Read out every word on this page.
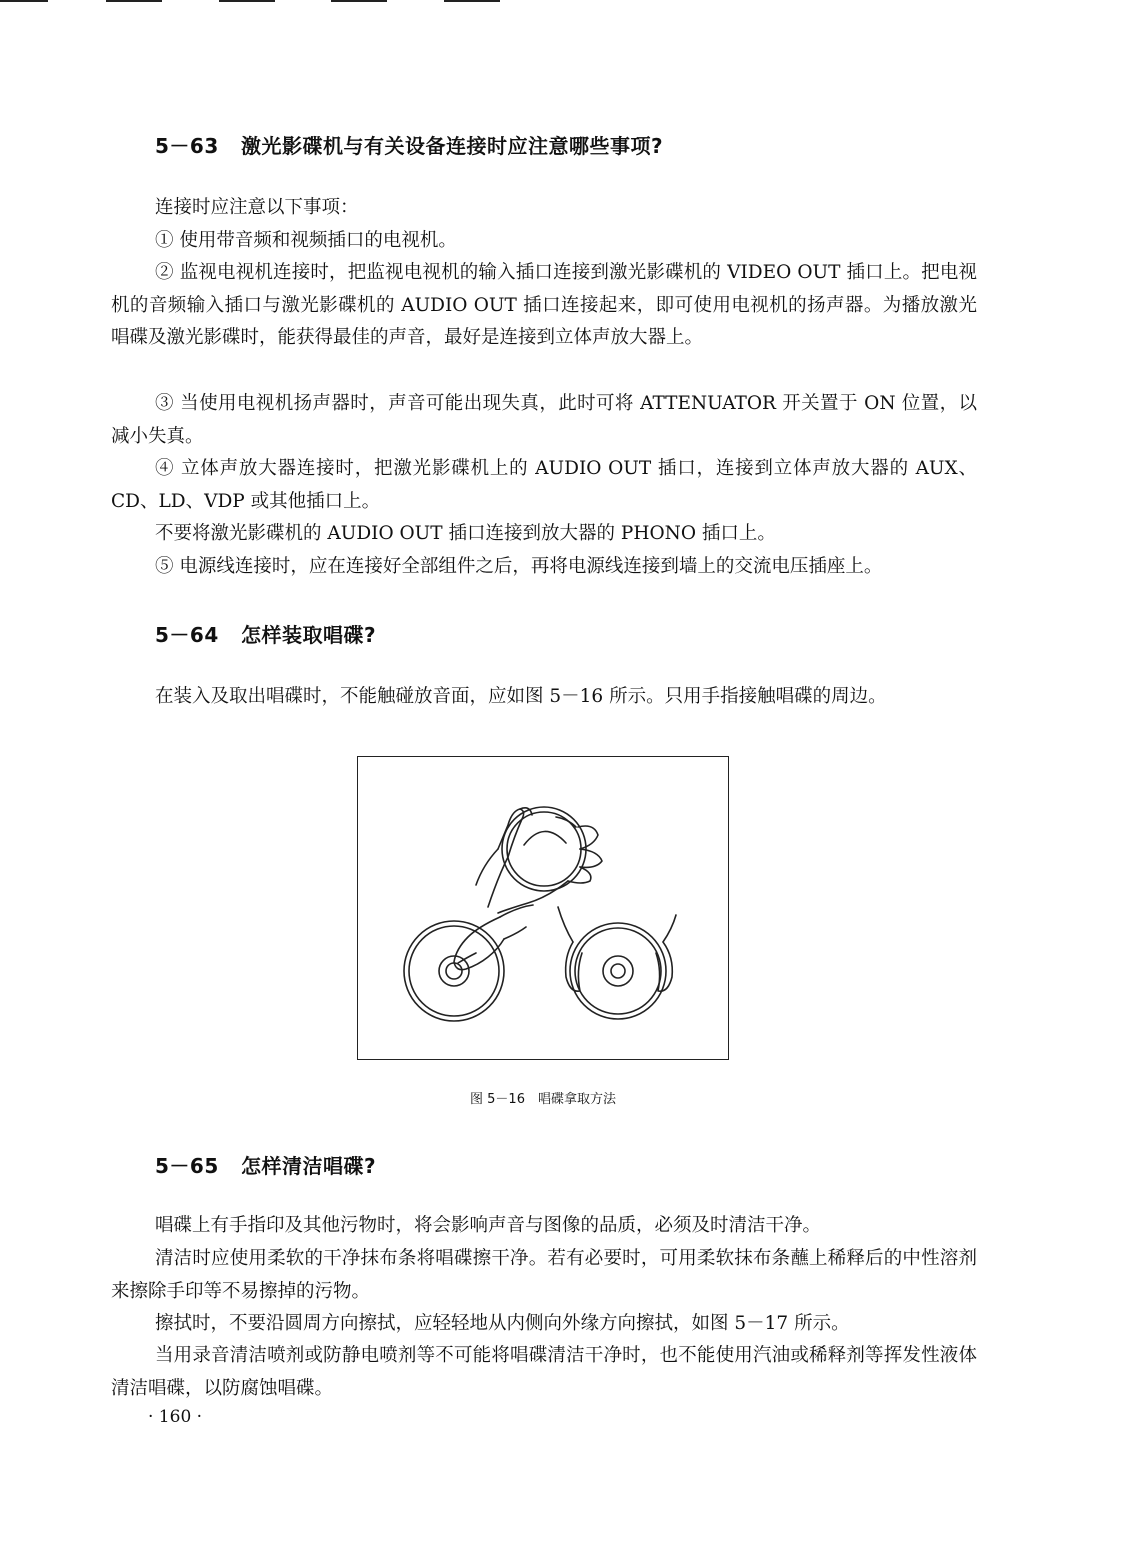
5－63 激光影碟机与有关设备连接时应注意哪些事项?

连接时应注意以下事项：

① 使用带音频和视频插口的电视机。

② 监视电视机连接时，把监视电视机的输入插口连接到激光影碟机的 VIDEO OUT 插口上。把电视机的音频输入插口与激光影碟机的 AUDIO OUT 插口连接起来，即可使用电视机的扬声器。为播放激光唱碟及激光影碟时，能获得最佳的声音，最好是连接到立体声放大器上。

③ 当使用电视机扬声器时，声音可能出现失真，此时可将 ATTENUATOR 开关置于 ON 位置，以减小失真。

④ 立体声放大器连接时，把激光影碟机上的 AUDIO OUT 插口，连接到立体声放大器的 AUX、CD、LD、VDP 或其他插口上。

不要将激光影碟机的 AUDIO OUT 插口连接到放大器的 PHONO 插口上。

⑤ 电源线连接时，应在连接好全部组件之后，再将电源线连接到墙上的交流电压插座上。

5－64 怎样装取唱碟?

在装入及取出唱碟时，不能触碰放音面，应如图 5－16 所示。只用手指接触唱碟的周边。

图 5－16　唱碟拿取方法
5－65 怎样清洁唱碟?

唱碟上有手指印及其他污物时，将会影响声音与图像的品质，必须及时清洁干净。

清洁时应使用柔软的干净抹布条将唱碟擦干净。若有必要时，可用柔软抹布条蘸上稀释后的中性溶剂来擦除手印等不易擦掉的污物。

擦拭时，不要沿圆周方向擦拭，应轻轻地从内侧向外缘方向擦拭，如图 5－17 所示。

当用录音清洁喷剂或防静电喷剂等不可能将唱碟清洁干净时，也不能使用汽油或稀释剂等挥发性液体清洁唱碟，以防腐蚀唱碟。

· 160 ·
